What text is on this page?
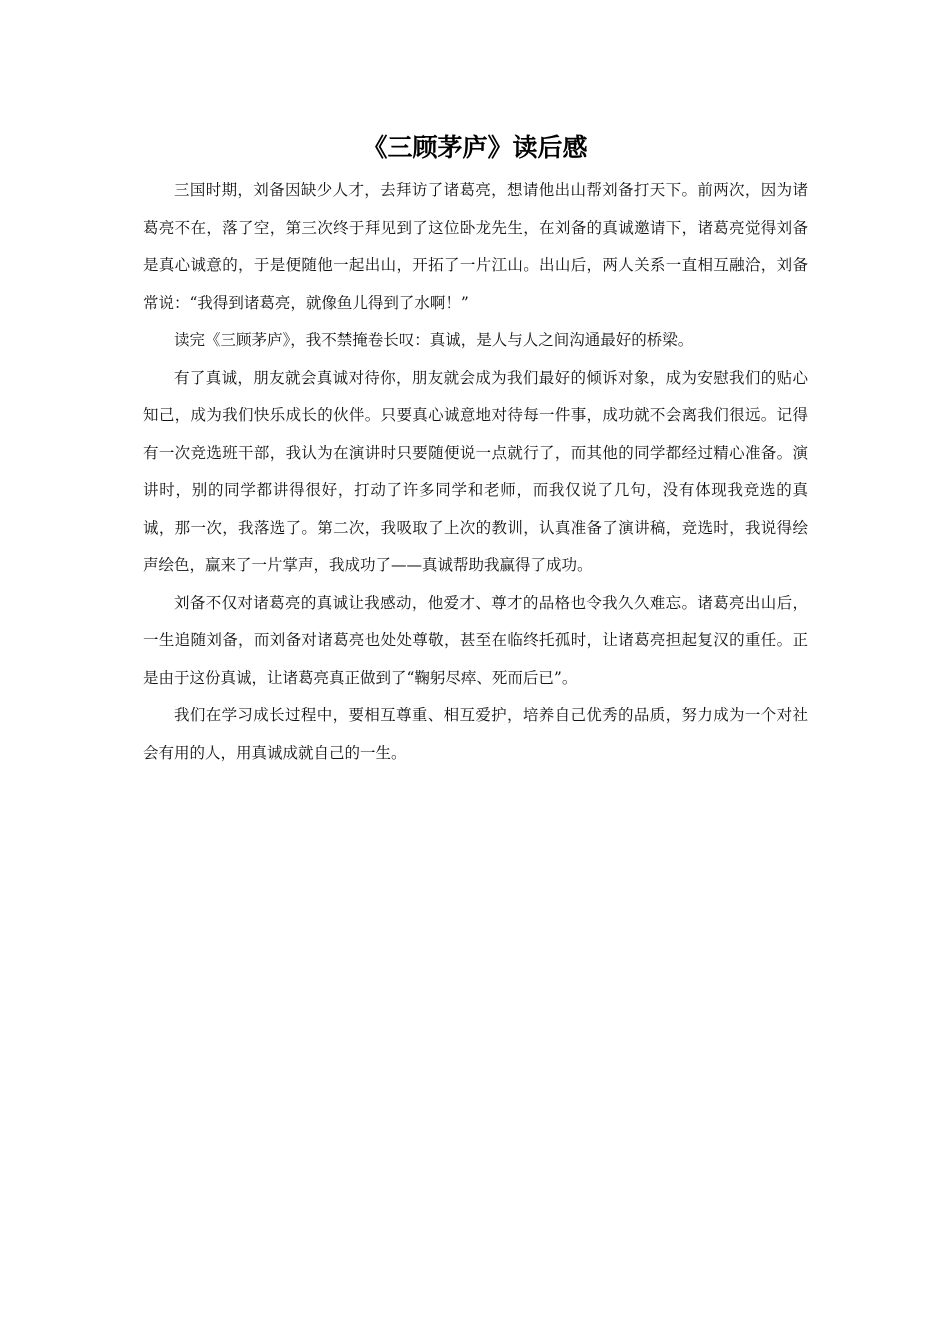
《三顾茅庐》读后感

三国时期，刘备因缺少人才，去拜访了诸葛亮，想请他出山帮刘备打天下。前两次，因为诸葛亮不在，落了空，第三次终于拜见到了这位卧龙先生，在刘备的真诚邀请下，诸葛亮觉得刘备是真心诚意的，于是便随他一起出山，开拓了一片江山。出山后，两人关系一直相互融洽，刘备常说：“我得到诸葛亮，就像鱼儿得到了水啊！”

读完《三顾茅庐》，我不禁掩卷长叹：真诚，是人与人之间沟通最好的桥梁。

有了真诚，朋友就会真诚对待你，朋友就会成为我们最好的倾诉对象，成为安慰我们的贴心知己，成为我们快乐成长的伙伴。只要真心诚意地对待每一件事，成功就不会离我们很远。记得有一次竞选班干部，我认为在演讲时只要随便说一点就行了，而其他的同学都经过精心准备。演讲时，别的同学都讲得很好，打动了许多同学和老师，而我仅说了几句，没有体现我竞选的真诚，那一次，我落选了。第二次，我吸取了上次的教训，认真准备了演讲稿，竞选时，我说得绘声绘色，赢来了一片掌声，我成功了——真诚帮助我赢得了成功。

刘备不仅对诸葛亮的真诚让我感动，他爱才、尊才的品格也令我久久难忘。诸葛亮出山后，一生追随刘备，而刘备对诸葛亮也处处尊敬，甚至在临终托孤时，让诸葛亮担起复汉的重任。正是由于这份真诚，让诸葛亮真正做到了“鞠躬尽瘁、死而后已”。

我们在学习成长过程中，要相互尊重、相互爱护，培养自己优秀的品质，努力成为一个对社会有用的人，用真诚成就自己的一生。
